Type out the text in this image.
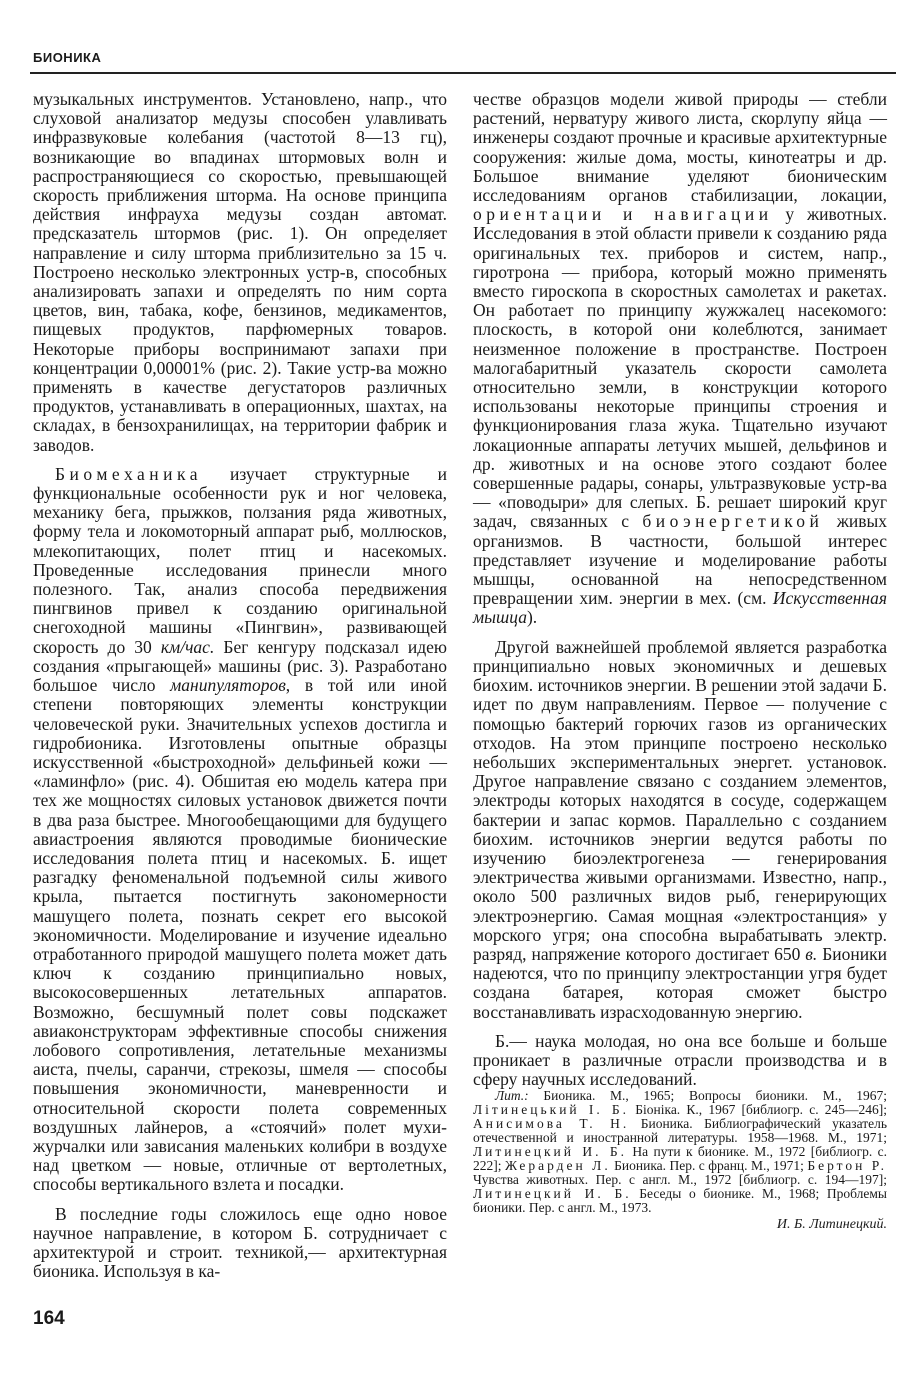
БИОНИКА

музыкальных инструментов. Установлено, напр., что слуховой анализатор медузы способен улавливать инфразвуковые колебания (частотой 8—13 гц), возникающие во впадинах штормовых волн и распространяющиеся со скоростью, превышающей скорость приближения шторма. На основе принципа действия инфрауха медузы создан автомат. предсказатель штормов (рис. 1). Он определяет направление и силу шторма приблизительно за 15 ч. Построено несколько электронных устр-в, способных анализировать запахи и определять по ним сорта цветов, вин, табака, кофе, бензинов, медикаментов, пищевых продуктов, парфюмерных товаров. Некоторые приборы воспринимают запахи при концентрации 0,00001% (рис. 2). Такие устр-ва можно применять в качестве дегустаторов различных продуктов, устанавливать в операционных, шахтах, на складах, в бензохранилищах, на территории фабрик и заводов.

Биомеханика изучает структурные и функциональные особенности рук и ног человека, механику бега, прыжков, ползания ряда животных, форму тела и локомоторный аппарат рыб, моллюсков, млекопитающих, полет птиц и насекомых. Проведенные исследования принесли много полезного. Так, анализ способа передвижения пингвинов привел к созданию оригинальной снегоходной машины «Пингвин», развивающей скорость до 30 км/час. Бег кенгуру подсказал идею создания «прыгающей» машины (рис. 3). Разработано большое число манипуляторов, в той или иной степени повторяющих элементы конструкции человеческой руки. Значительных успехов достигла и гидробионика. Изготовлены опытные образцы искусственной «быстроходной» дельфиньей кожи — «ламинфло» (рис. 4). Обшитая ею модель катера при тех же мощностях силовых установок движется почти в два раза быстрее. Многообещающими для будущего авиастроения являются проводимые бионические исследования полета птиц и насекомых. Б. ищет разгадку феноменальной подъемной силы живого крыла, пытается постигнуть закономерности машущего полета, познать секрет его высокой экономичности. Моделирование и изучение идеально отработанного природой машущего полета может дать ключ к созданию принципиально новых, высокосовершенных летательных аппаратов. Возможно, бесшумный полет совы подскажет авиаконструкторам эффективные способы снижения лобового сопротивления, летательные механизмы аиста, пчелы, саранчи, стрекозы, шмеля — способы повышения экономичности, маневренности и относительной скорости полета современных воздушных лайнеров, а «стоячий» полет мухи-журчалки или зависания маленьких колибри в воздухе над цветком — новые, отличные от вертолетных, способы вертикального взлета и посадки.

В последние годы сложилось еще одно новое научное направление, в котором Б. сотрудничает с архитектурой и строит. техникой,— архитектурная бионика. Используя в ка-

честве образцов модели живой природы — стебли растений, нерватуру живого листа, скорлупу яйца — инженеры создают прочные и красивые архитектурные сооружения: жилые дома, мосты, кинотеатры и др. Большое внимание уделяют бионическим исследованиям органов стабилизации, локации, ориентации и навигации у животных. Исследования в этой области привели к созданию ряда оригинальных тех. приборов и систем, напр., гиротрона — прибора, который можно применять вместо гироскопа в скоростных самолетах и ракетах. Он работает по принципу жужжалец насекомого: плоскость, в которой они колеблются, занимает неизменное положение в пространстве. Построен малогабаритный указатель скорости самолета относительно земли, в конструкции которого использованы некоторые принципы строения и функционирования глаза жука. Тщательно изучают локационные аппараты летучих мышей, дельфинов и др. животных и на основе этого создают более совершенные радары, сонары, ультразвуковые устр-ва — «поводыри» для слепых. Б. решает широкий круг задач, связанных с биоэнергетикой живых организмов. В частности, большой интерес представляет изучение и моделирование работы мышцы, основанной на непосредственном превращении хим. энергии в мех. (см. Искусственная мышца).

Другой важнейшей проблемой является разработка принципиально новых экономичных и дешевых биохим. источников энергии. В решении этой задачи Б. идет по двум направлениям. Первое — получение с помощью бактерий горючих газов из органических отходов. На этом принципе построено несколько небольших экспериментальных энергет. установок. Другое направление связано с созданием элементов, электроды которых находятся в сосуде, содержащем бактерии и запас кормов. Параллельно с созданием биохим. источников энергии ведутся работы по изучению биоэлектрогенеза — генерирования электричества живыми организмами. Известно, напр., около 500 различных видов рыб, генерирующих электроэнергию. Самая мощная «электростанция» у морского угря; она способна вырабатывать электр. разряд, напряжение которого достигает 650 в. Бионики надеются, что по принципу электростанции угря будет создана батарея, которая сможет быстро восстанавливать израсходованную энергию.

Б.— наука молодая, но она все больше и больше проникает в различные отрасли производства и в сферу научных исследований.

Лит.: Бионика. М., 1965; Вопросы бионики. М., 1967; Лiтинецький I. Б. Бiонiка. К., 1967 [библиогр. с. 245—246]; Анисимова Т. Н. Бионика. Библиографический указатель отечественной и иностранной литературы. 1958—1968. М., 1971; Литинецкий И. Б. На пути к бионике. М., 1972 [библиогр. с. 222]; Жерарден Л. Бионика. Пер. с франц. М., 1971; Бертон Р. Чувства животных. Пер. с англ. М., 1972 [библиогр. с. 194—197]; Литинецкий И. Б. Беседы о бионике. М., 1968; Проблемы бионики. Пер. с англ. М., 1973.

И. Б. Литинецкий.

164
